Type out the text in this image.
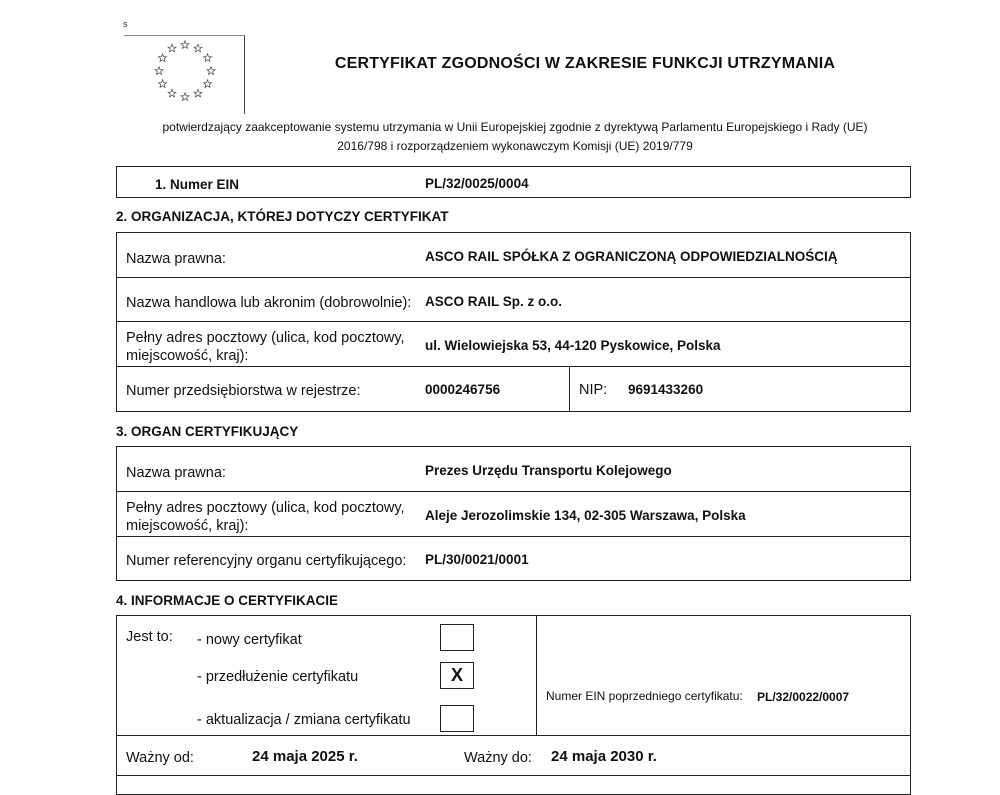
s
CERTYFIKAT ZGODNOŚCI W ZAKRESIE FUNKCJI UTRZYMANIA
potwierdzający zaakceptowanie systemu utrzymania w Unii Europejskiej zgodnie z dyrektywą Parlamentu Europejskiego i Rady (UE)
2016/798 i rozporządzeniem wykonawczym Komisji (UE) 2019/779
1. Numer EIN	PL/32/0025/0004
2. ORGANIZACJA, KTÓREJ DOTYCZY CERTYFIKAT
Nazwa prawna:	ASCO RAIL SPÓŁKA Z OGRANICZONĄ ODPOWIEDZIALNOŚCIĄ
Nazwa handlowa lub akronim (dobrowolnie): ASCO RAIL Sp. z o.o.
Pełny adres pocztowy (ulica, kod pocztowy,
miejscowość, kraj):
ul. Wielowiejska 53, 44-120 Pyskowice, Polska
Numer przedsiębiorstwa w rejestrze:	0000246756	NIP: 9691433260
3. ORGAN CERTYFIKUJĄCY
Nazwa prawna:	Prezes Urzędu Transportu Kolejowego
Pełny adres pocztowy (ulica, kod pocztowy,
miejscowość, kraj):
Aleje Jerozolimskie 134, 02-305 Warszawa, Polska
Numer referencyjny organu certyfikującego: PL/30/0021/0001
4. INFORMACJE O CERTYFIKACIE
Jest to: - nowy certyfikat
- przedłużenie certyfikatu	X
- aktualizacja / zmiana certyfikatu
Numer EIN poprzedniego certyfikatu: PL/32/0022/0007
Ważny od:	24 maja 2025 r.	Ważny do: 24 maja 2030 r.
